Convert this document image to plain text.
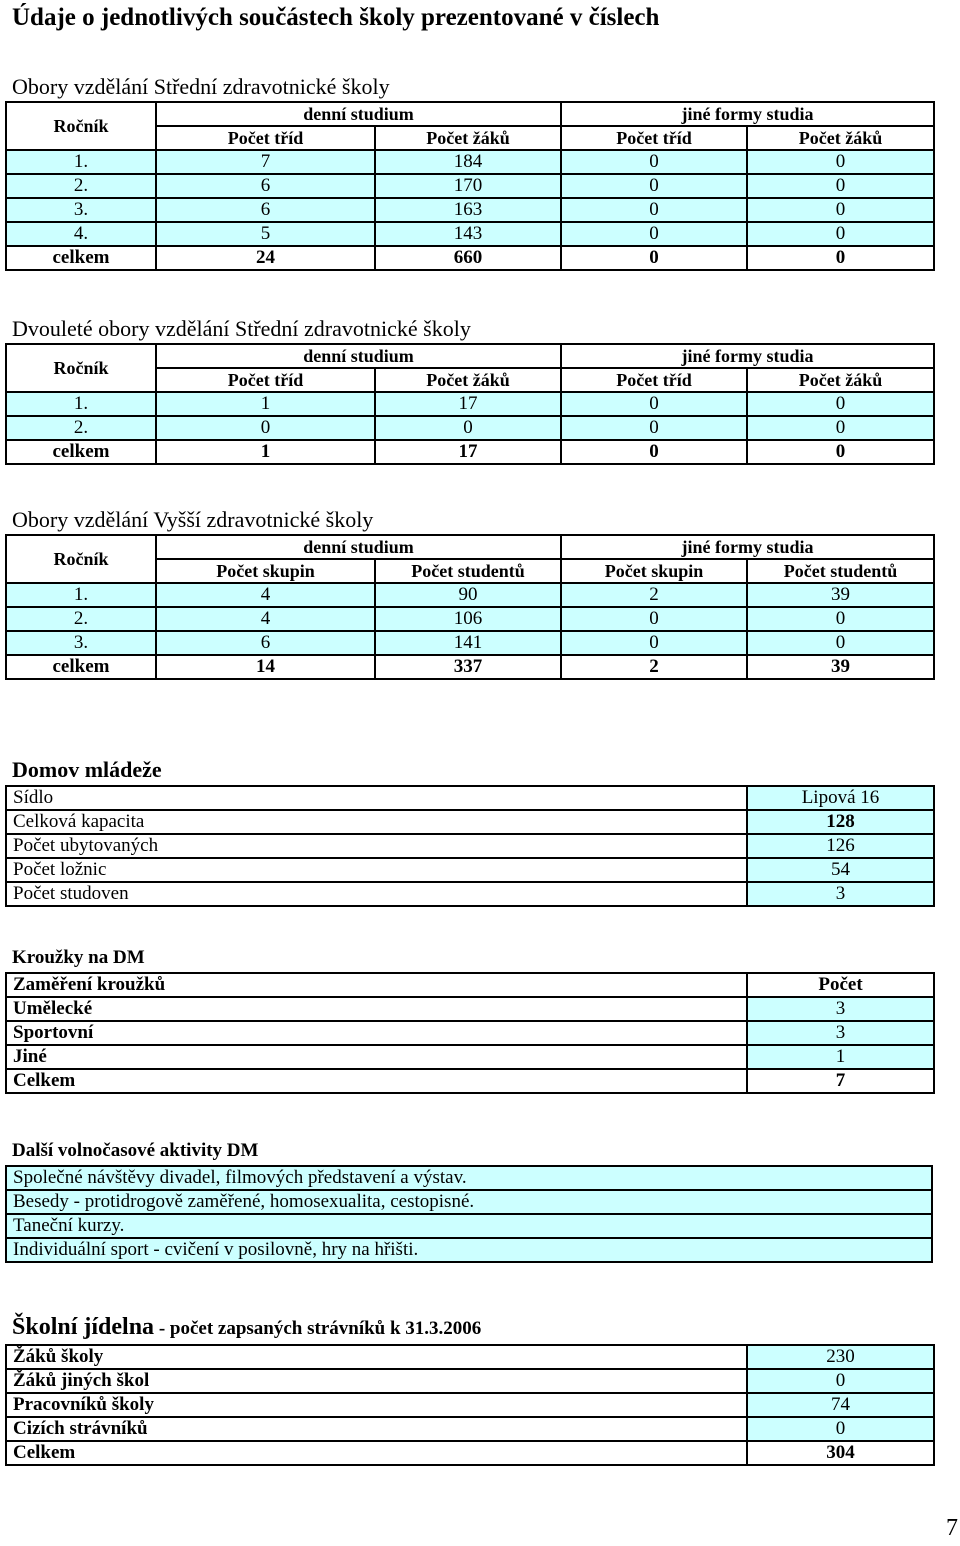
Údaje o jednotlivých součástech školy prezentované v číslech
Obory vzdělání Střední zdravotnické školy
Ročník	denní studium		jiné formy studia	
	Počet tříd	Počet žáků	Počet tříd	Počet žáků
1.	7	184	0	0
2.	6	170	0	0
3.	6	163	0	0
4.	5	143	0	0
celkem	24	660	0	0
Dvouleté obory vzdělání Střední zdravotnické školy
Ročník	denní studium		jiné formy studia	
	Počet tříd	Počet žáků	Počet tříd	Počet žáků
1.	1	17	0	0
2.	0	0	0	0
celkem	1	17	0	0
Obory vzdělání Vyšší zdravotnické školy
Ročník	denní studium		jiné formy studia	
	Počet skupin	Počet studentů	Počet skupin	Počet studentů
1.	4	90	2	39
2.	4	106	0	0
3.	6	141	0	0
celkem	14	337	2	39
Domov mládeže
Sídlo	Lipová 16
Celková kapacita	128
Počet ubytovaných	126
Počet ložnic	54
Počet studoven	3
Kroužky na DM
Zaměření kroužků	Počet
Umělecké	3
Sportovní	3
Jiné	1
Celkem	7
Další volnočasové aktivity DM
Společné návštěvy divadel, filmových představení a výstav.
Besedy - protidrogově zaměřené, homosexualita, cestopisné.
Taneční kurzy.
Individuální sport - cvičení v posilovně, hry na hřišti.
Školní jídelna - počet zapsaných strávníků k 31.3.2006
Žáků školy	230
Žáků jiných škol	0
Pracovníků školy	74
Cizích strávníků	0
Celkem	304
7
